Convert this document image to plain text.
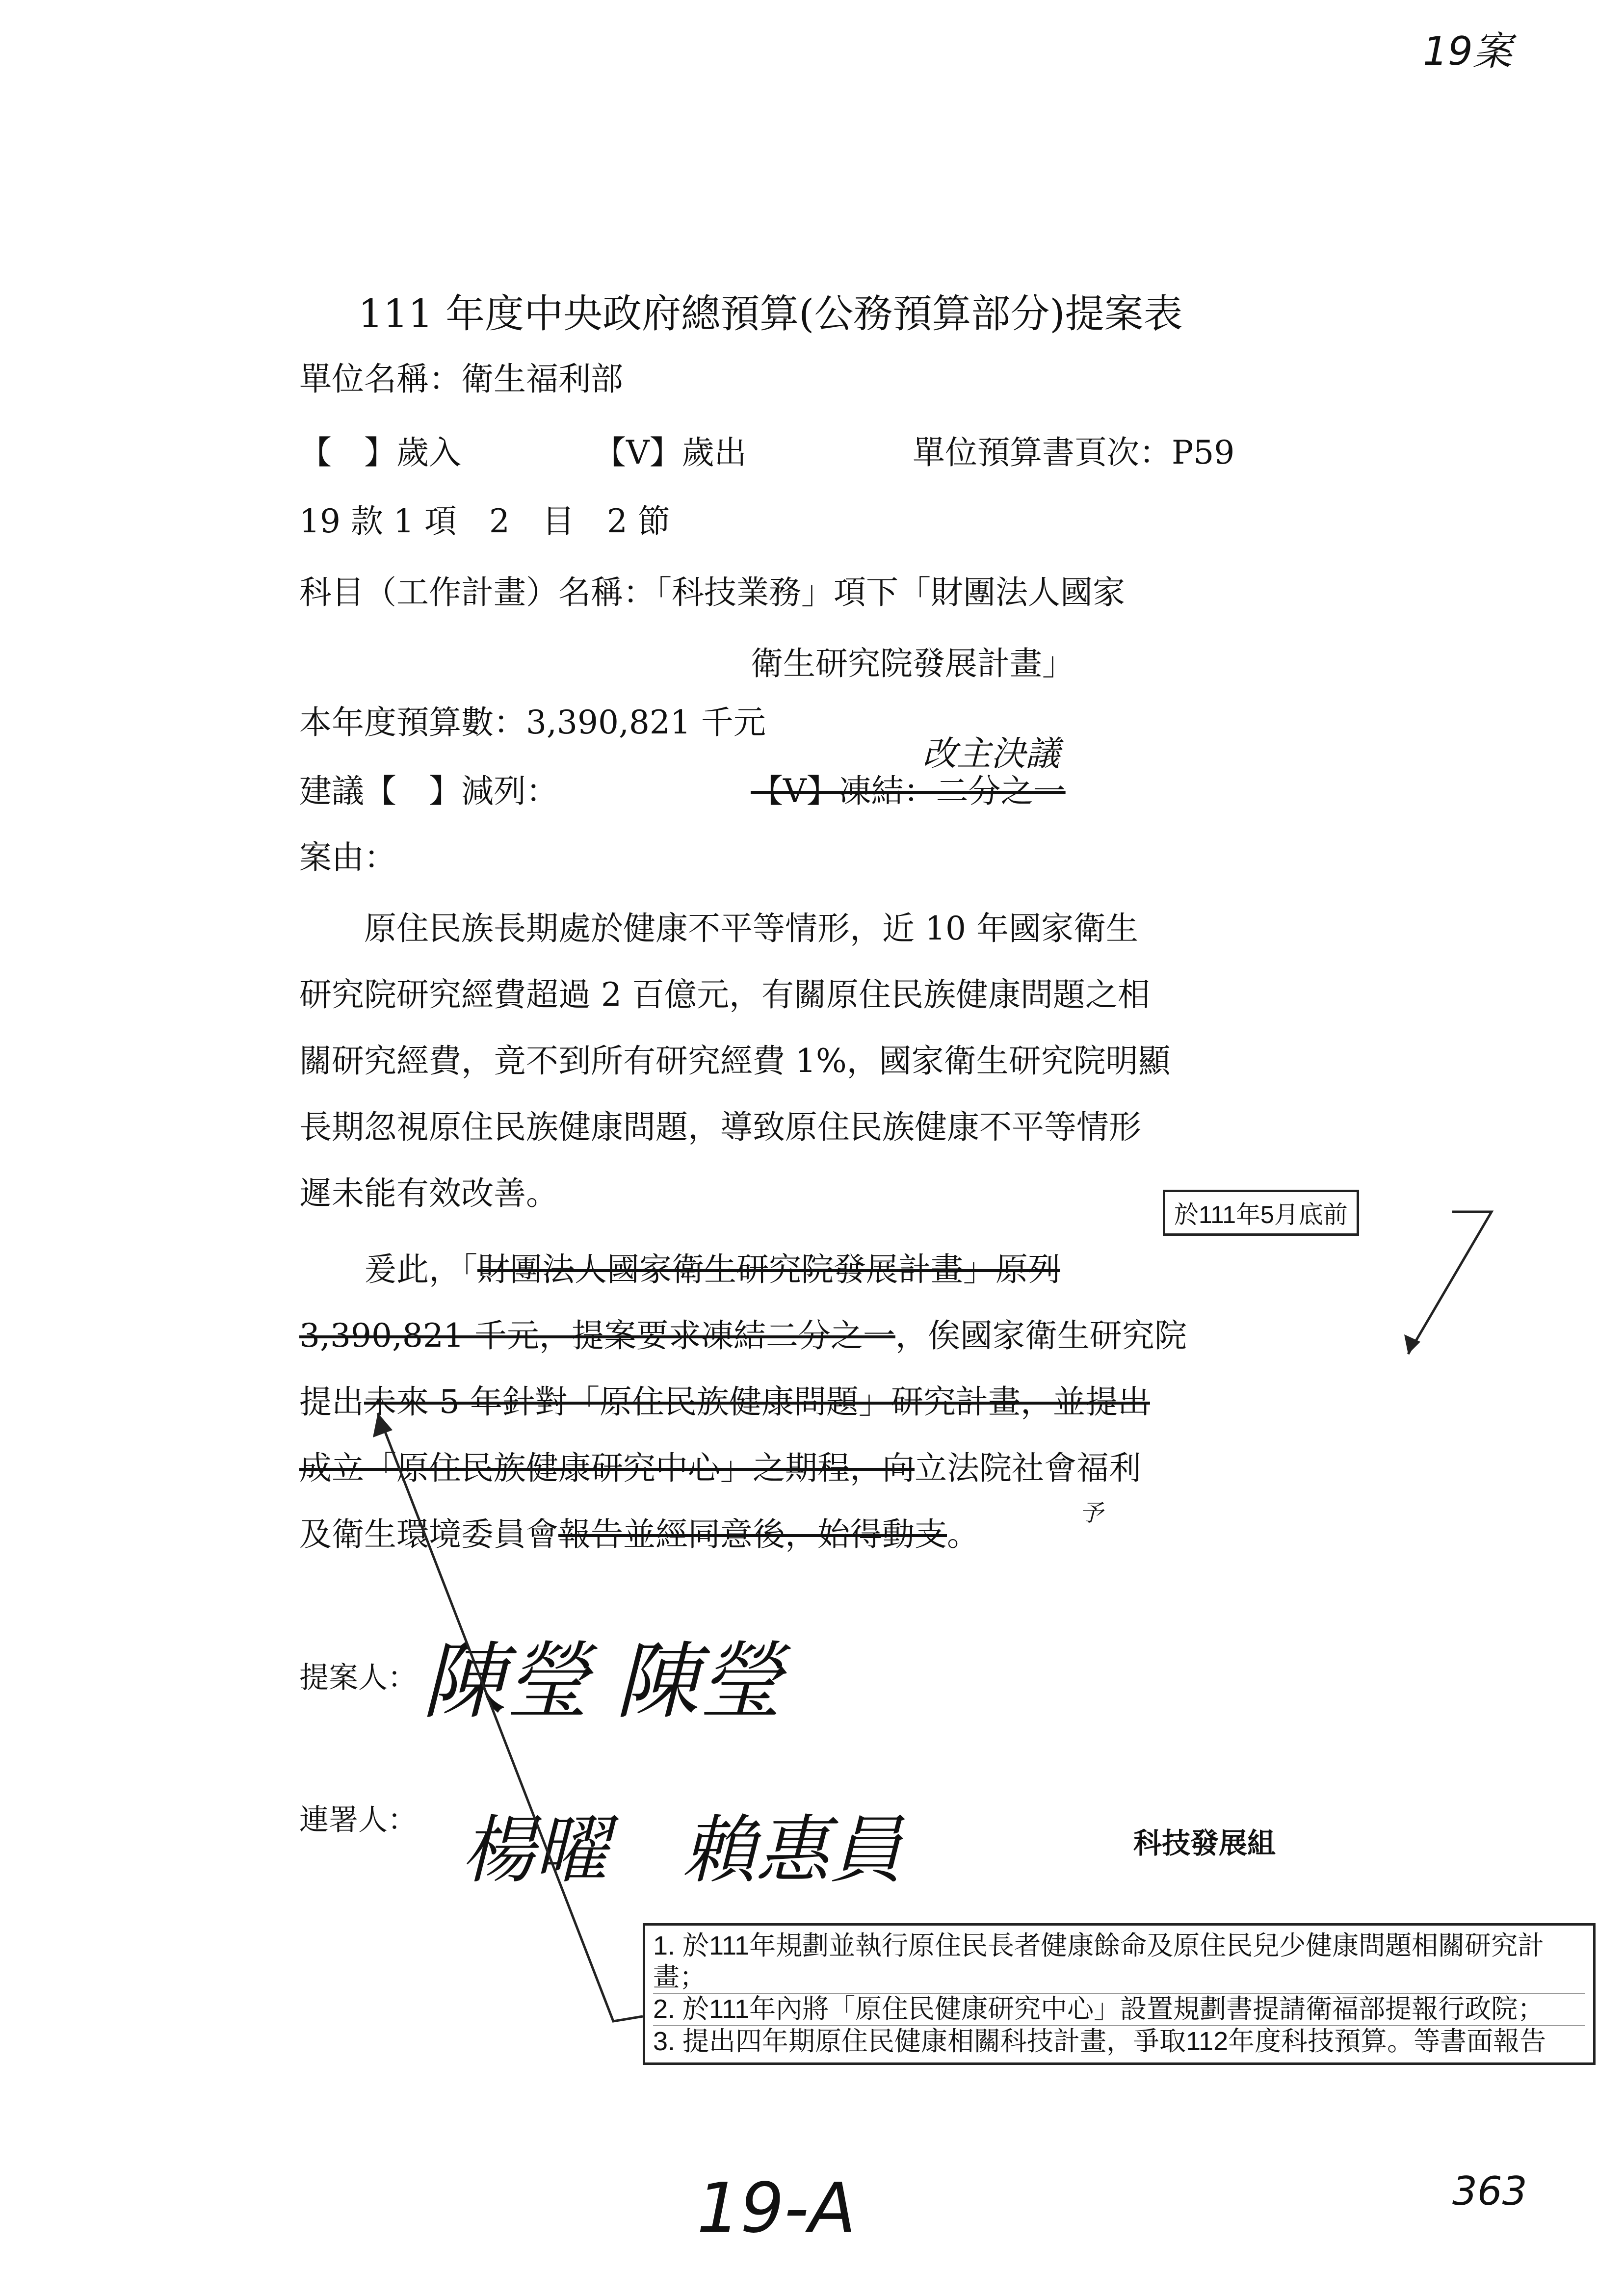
19案
111 年度中央政府總預算(公務預算部分)提案表
單位名稱：衛生福利部
【　】歲入	【V】歲出	單位預算書頁次：P59
19 款 1 項　2　目　2 節
科目（工作計畫）名稱：「科技業務」項下「財團法人國家
衛生研究院發展計畫」
本年度預算數：3,390,821 千元
改主決議
建議【　】減列：	【V】凍結：二分之一
案由：
　　原住民族長期處於健康不平等情形，近 10 年國家衛生
研究院研究經費超過 2 百億元，有關原住民族健康問題之相
關研究經費，竟不到所有研究經費 1%，國家衛生研究院明顯
長期忽視原住民族健康問題，導致原住民族健康不平等情形
遲未能有效改善。
於111年5月底前
　　爰此，「財團法人國家衛生研究院發展計畫」原列
3,390,821 千元，提案要求凍結二分之一，俟國家衛生研究院
提出未來 5 年針對「原住民族健康問題」研究計畫，並提出
成立「原住民族健康研究中心」之期程，向立法院社會福利
予
及衛生環境委員會報告並經同意後，始得動支。
提案人： 陳瑩 陳瑩
連署人： 楊曜　賴惠員	科技發展組
1. 於111年規劃並執行原住民長者健康餘命及原住民兒少健康問題相關研究計畫；
2. 於111年內將「原住民健康研究中心」設置規劃書提請衛福部提報行政院；
3. 提出四年期原住民健康相關科技計畫，爭取112年度科技預算。等書面報告
19-A	363
